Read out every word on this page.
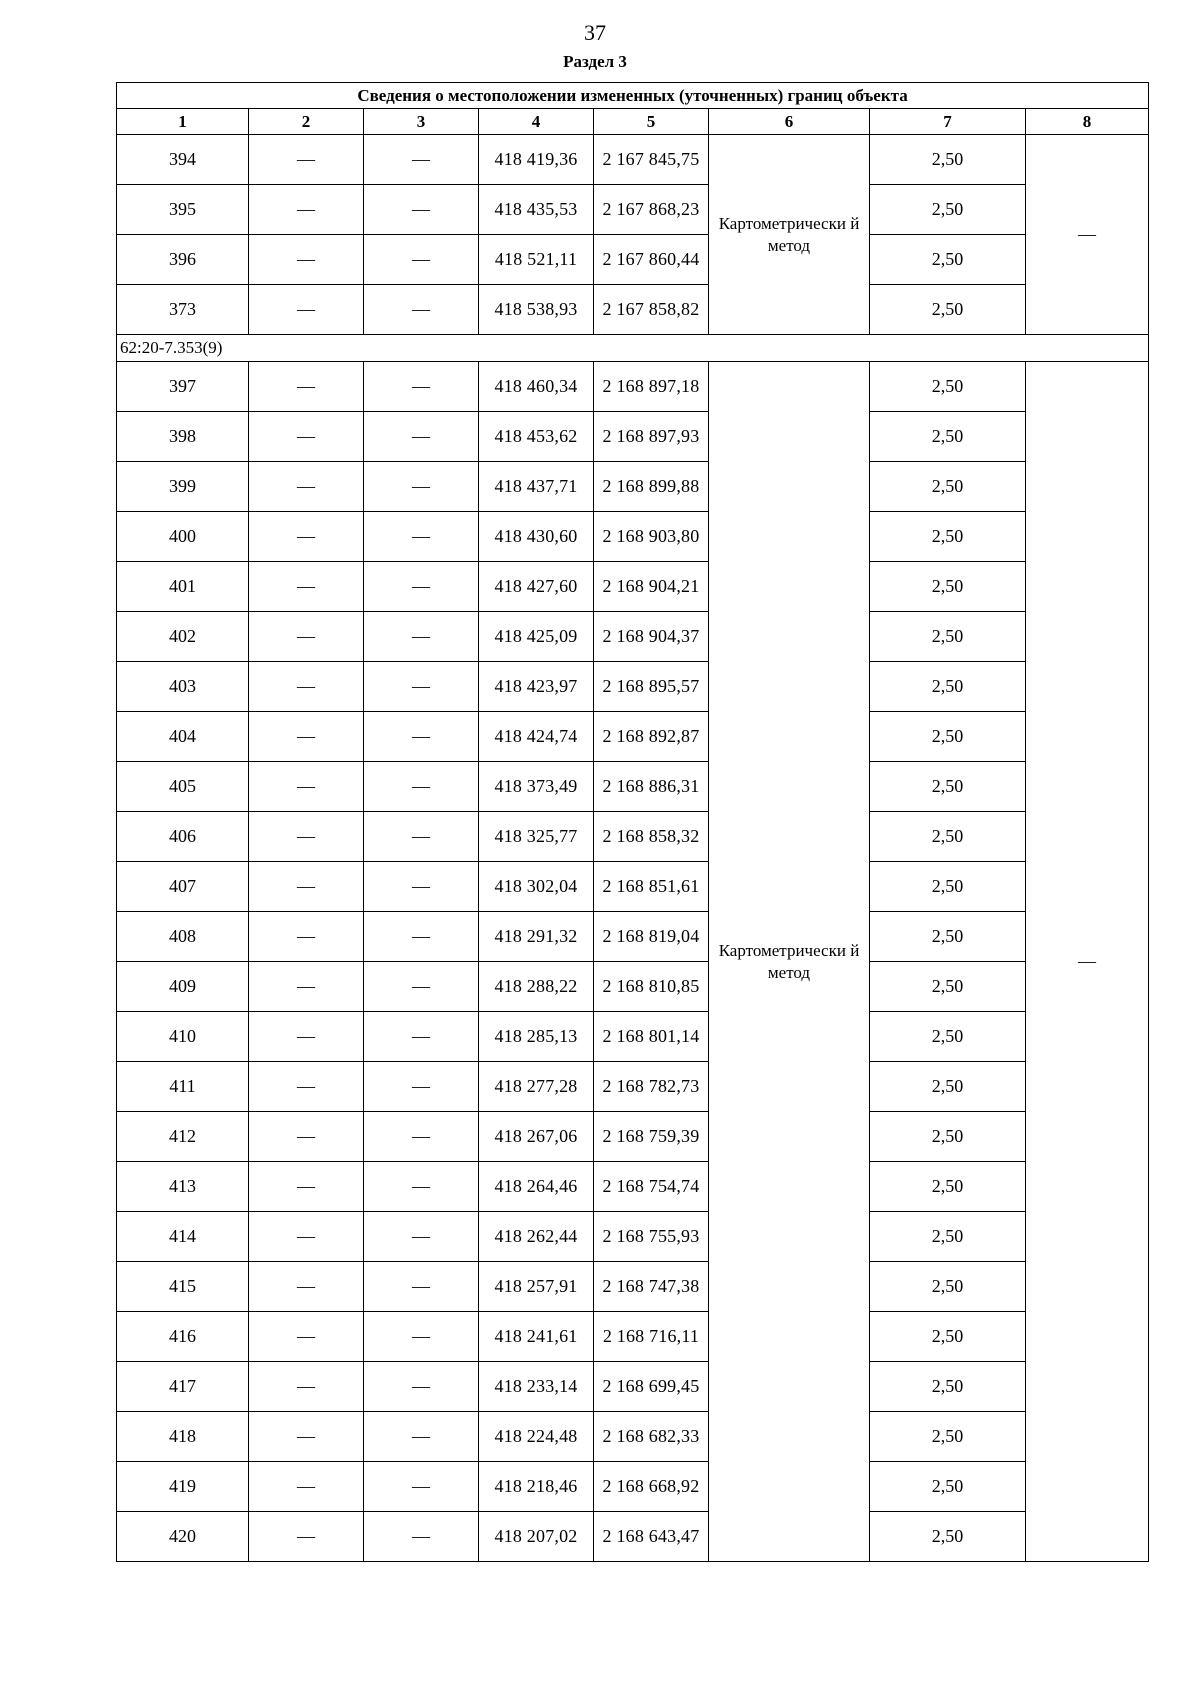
37
Раздел 3
Сведения о местоположении измененных (уточненных) границ объекта							
1	2	3	4	5	6	7	8
394	—	—	418 419,36	2 167 845,75	Картометрически й метод	2,50	—
395	—	—	418 435,53	2 167 868,23		2,50	
396	—	—	418 521,11	2 167 860,44		2,50	
373	—	—	418 538,93	2 167 858,82		2,50	
62:20-7.353(9)							
397	—	—	418 460,34	2 168 897,18	Картометрически й метод	2,50	—
398	—	—	418 453,62	2 168 897,93		2,50	
399	—	—	418 437,71	2 168 899,88		2,50	
400	—	—	418 430,60	2 168 903,80		2,50	
401	—	—	418 427,60	2 168 904,21		2,50	
402	—	—	418 425,09	2 168 904,37		2,50	
403	—	—	418 423,97	2 168 895,57		2,50	
404	—	—	418 424,74	2 168 892,87		2,50	
405	—	—	418 373,49	2 168 886,31		2,50	
406	—	—	418 325,77	2 168 858,32		2,50	
407	—	—	418 302,04	2 168 851,61		2,50	
408	—	—	418 291,32	2 168 819,04		2,50	
409	—	—	418 288,22	2 168 810,85		2,50	
410	—	—	418 285,13	2 168 801,14		2,50	
411	—	—	418 277,28	2 168 782,73		2,50	
412	—	—	418 267,06	2 168 759,39		2,50	
413	—	—	418 264,46	2 168 754,74		2,50	
414	—	—	418 262,44	2 168 755,93		2,50	
415	—	—	418 257,91	2 168 747,38		2,50	
416	—	—	418 241,61	2 168 716,11		2,50	
417	—	—	418 233,14	2 168 699,45		2,50	
418	—	—	418 224,48	2 168 682,33		2,50	
419	—	—	418 218,46	2 168 668,92		2,50	
420	—	—	418 207,02	2 168 643,47		2,50	
